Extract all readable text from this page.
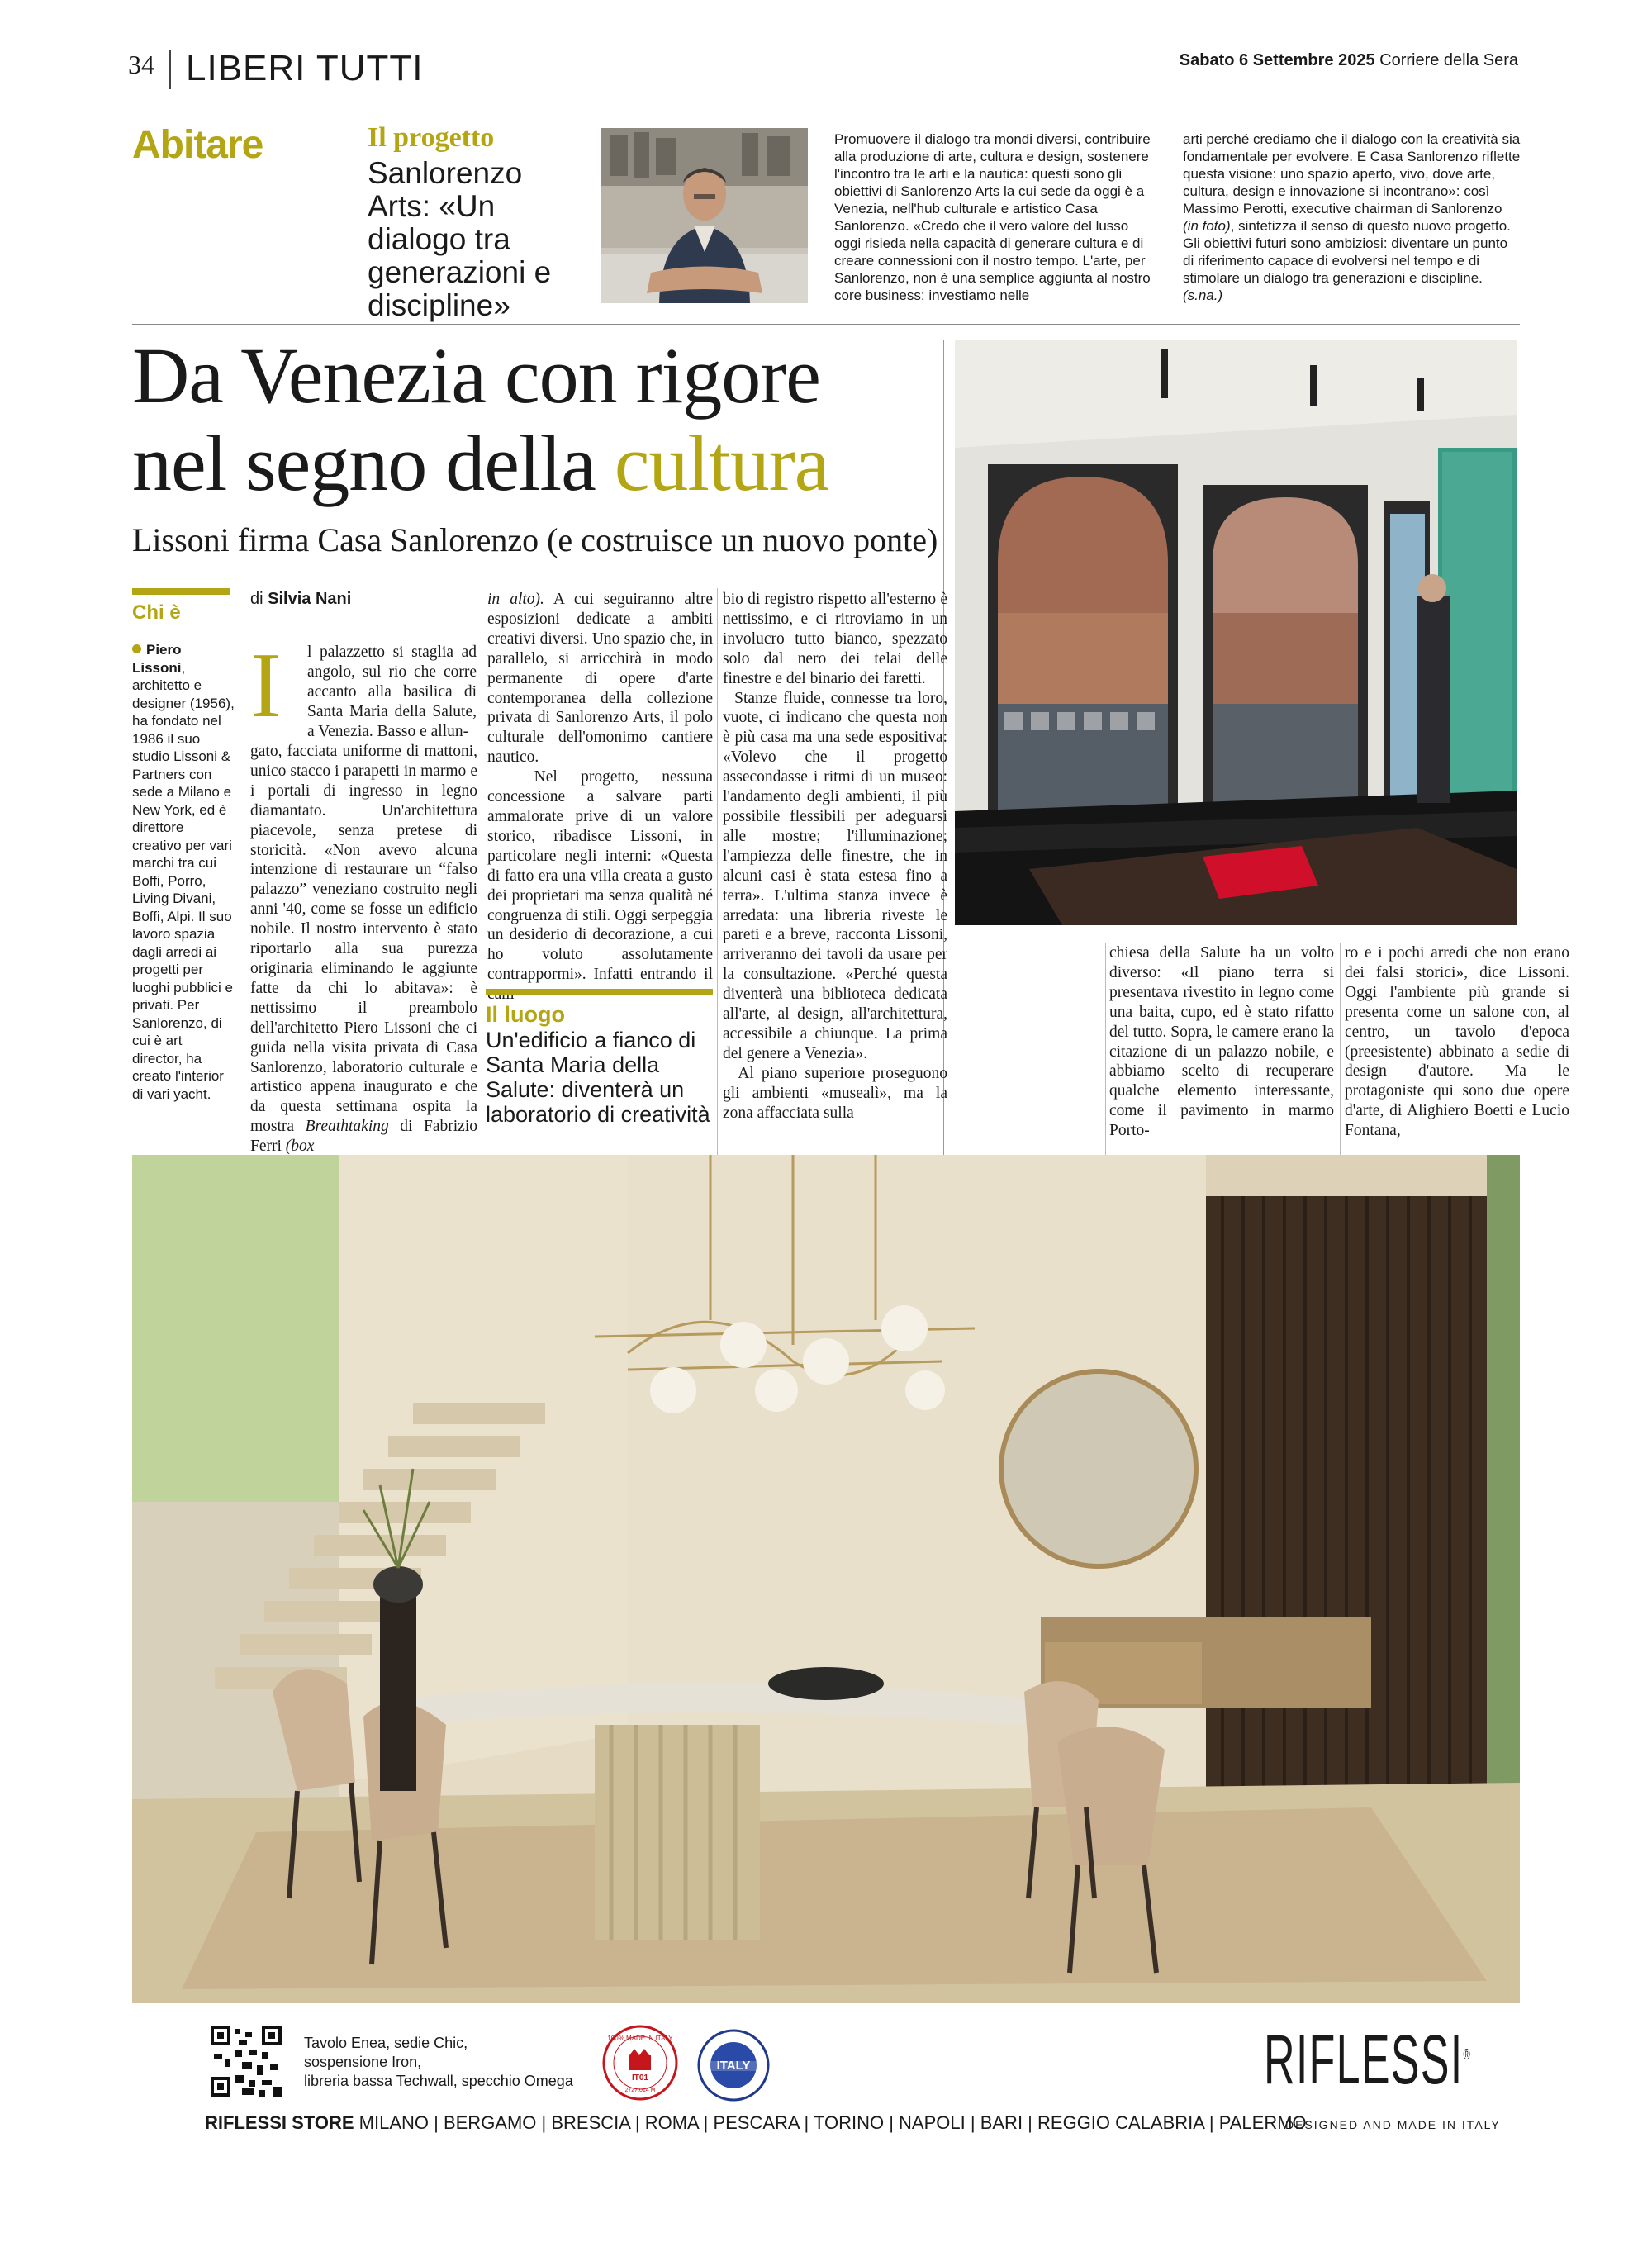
34 LIBERI TUTTI	Sabato 6 Settembre 2025 Corriere della Sera
Abitare	Il progetto
Sanlorenzo Arts: «Un dialogo tra generazioni e discipline»
Promuovere il dialogo tra mondi diversi, contribuire alla produzione di arte, cultura e design, sostenere l'incontro tra le arti e la nautica: questi sono gli obiettivi di Sanlorenzo Arts la cui sede da oggi è a Venezia, nell'hub culturale e artistico Casa Sanlorenzo. «Credo che il vero valore del lusso oggi risieda nella capacità di generare cultura e di creare connessioni con il nostro tempo. L'arte, per Sanlorenzo, non è una semplice aggiunta al nostro core business: investiamo nelle
arti perché crediamo che il dialogo con la creatività sia fondamentale per evolvere. E Casa Sanlorenzo riflette questa visione: uno spazio aperto, vivo, dove arte, cultura, design e innovazione si incontrano»: così Massimo Perotti, executive chairman di Sanlorenzo (in foto), sintetizza il senso di questo nuovo progetto. Gli obiettivi futuri sono ambiziosi: diventare un punto di riferimento capace di evolversi nel tempo e di stimolare un dialogo tra generazioni e discipline. (s.na.)
Da Venezia con rigore
nel segno della cultura
Lissoni firma Casa Sanlorenzo (e costruisce un nuovo ponte)
Chi è
Piero Lissoni, architetto e designer (1956), ha fondato nel 1986 il suo studio Lissoni & Partners con sede a Milano e New York, ed è direttore creativo per vari marchi tra cui Boffi, Porro, Living Divani, Boffi, Alpi. Il suo lavoro spazia dagli arredi ai progetti per luoghi pubblici e privati. Per Sanlorenzo, di cui è art director, ha creato l'interior di vari yacht.
di Silvia Nani
I l palazzetto si staglia ad angolo, sul rio che corre accanto alla basilica di Santa Maria della Salute, a Venezia. Basso e allun-
gato, facciata uniforme di mattoni, unico stacco i parapetti in marmo e i portali di ingresso in legno diamantato. Un'architettura piacevole, senza pretese di storicità. «Non avevo alcuna intenzione di restaurare un “falso palazzo” veneziano costruito negli anni '40, come se fosse un edificio nobile. Il nostro intervento è stato riportarlo alla sua purezza originaria eliminando le aggiunte fatte da chi lo abitava»: è nettissimo il preambolo dell'architetto Piero Lissoni che ci guida nella visita privata di Casa Sanlorenzo, laboratorio culturale e artistico appena inaugurato e che da questa settimana ospita la mostra Breathtaking di Fabrizio Ferri (box
in alto). A cui seguiranno altre esposizioni dedicate a ambiti creativi diversi. Uno spazio che, in parallelo, si arricchirà in modo permanente di opere d'arte contemporanea della collezione privata di Sanlorenzo Arts, il polo culturale dell'omonimo cantiere nautico.
Nel progetto, nessuna concessione a salvare parti ammalorate prive di un valore storico, ribadisce Lissoni, in particolare negli interni: «Questa di fatto era una villa creata a gusto dei proprietari ma senza qualità né congruenza di stili. Oggi serpeggia un desiderio di decorazione, a cui ho voluto assolutamente contrappormi». Infatti entrando il
bio di registro rispetto all'esterno è nettissimo, e ci ritroviamo in un involucro tutto bianco, spezzato solo dal nero dei telai delle finestre e del binario dei faretti.
Stanze fluide, connesse tra loro, vuote, ci indicano che questa non è più casa ma una sede espositiva: «Volevo che il progetto assecondasse i ritmi di un museo: l'andamento degli ambienti, il più possibile flessibili per adeguarsi alle mostre; l'illuminazione; l'ampiezza delle finestre, che in alcuni casi è stata estesa fino a terra». L'ultima stanza invece è arredata: una libreria riveste le pareti e a breve, racconta Lissoni, arriveranno dei tavoli da usare per la consultazione. «Perché questa diventerà una biblioteca dedicata all'arte, al design, all'architettura, accessibile a chiunque. La prima del genere a Venezia».
Al piano superiore proseguono gli ambienti «musealì», ma la zona affacciata sulla
chiesa della Salute ha un volto diverso: «Il piano terra si presentava rivestito in legno come una baita, cupo, ed è stato rifatto del tutto. Sopra, le camere erano la citazione di un palazzo nobile, e abbiamo scelto di recuperare qualche elemento interessante, come il pavimento in marmo Porto-
ro e i pochi arredi che non erano dei falsi storici», dice Lissoni. Oggi l'ambiente più grande si presenta come un salone con, al centro, un tavolo d'epoca (preesistente) abbinato a sedie di design d'autore. Ma le protagoniste qui sono due opere d'arte, di Alighiero Boetti e Lucio Fontana,
Il luogo
Un'edificio a fianco di Santa Maria della Salute: diventerà un laboratorio di creatività
Tavolo Enea, sedie Chic,
sospensione Iron,
libreria bassa Techwall, specchio Omega
100% MADE IN ITALY
IT01
2727.014 M
ITALY	RIFLESSI®
DESIGNED AND MADE IN ITALY
RIFLESSI STORE MILANO | BERGAMO | BRESCIA | ROMA | PESCARA | TORINO | NAPOLI | BARI | REGGIO CALABRIA | PALERMO
